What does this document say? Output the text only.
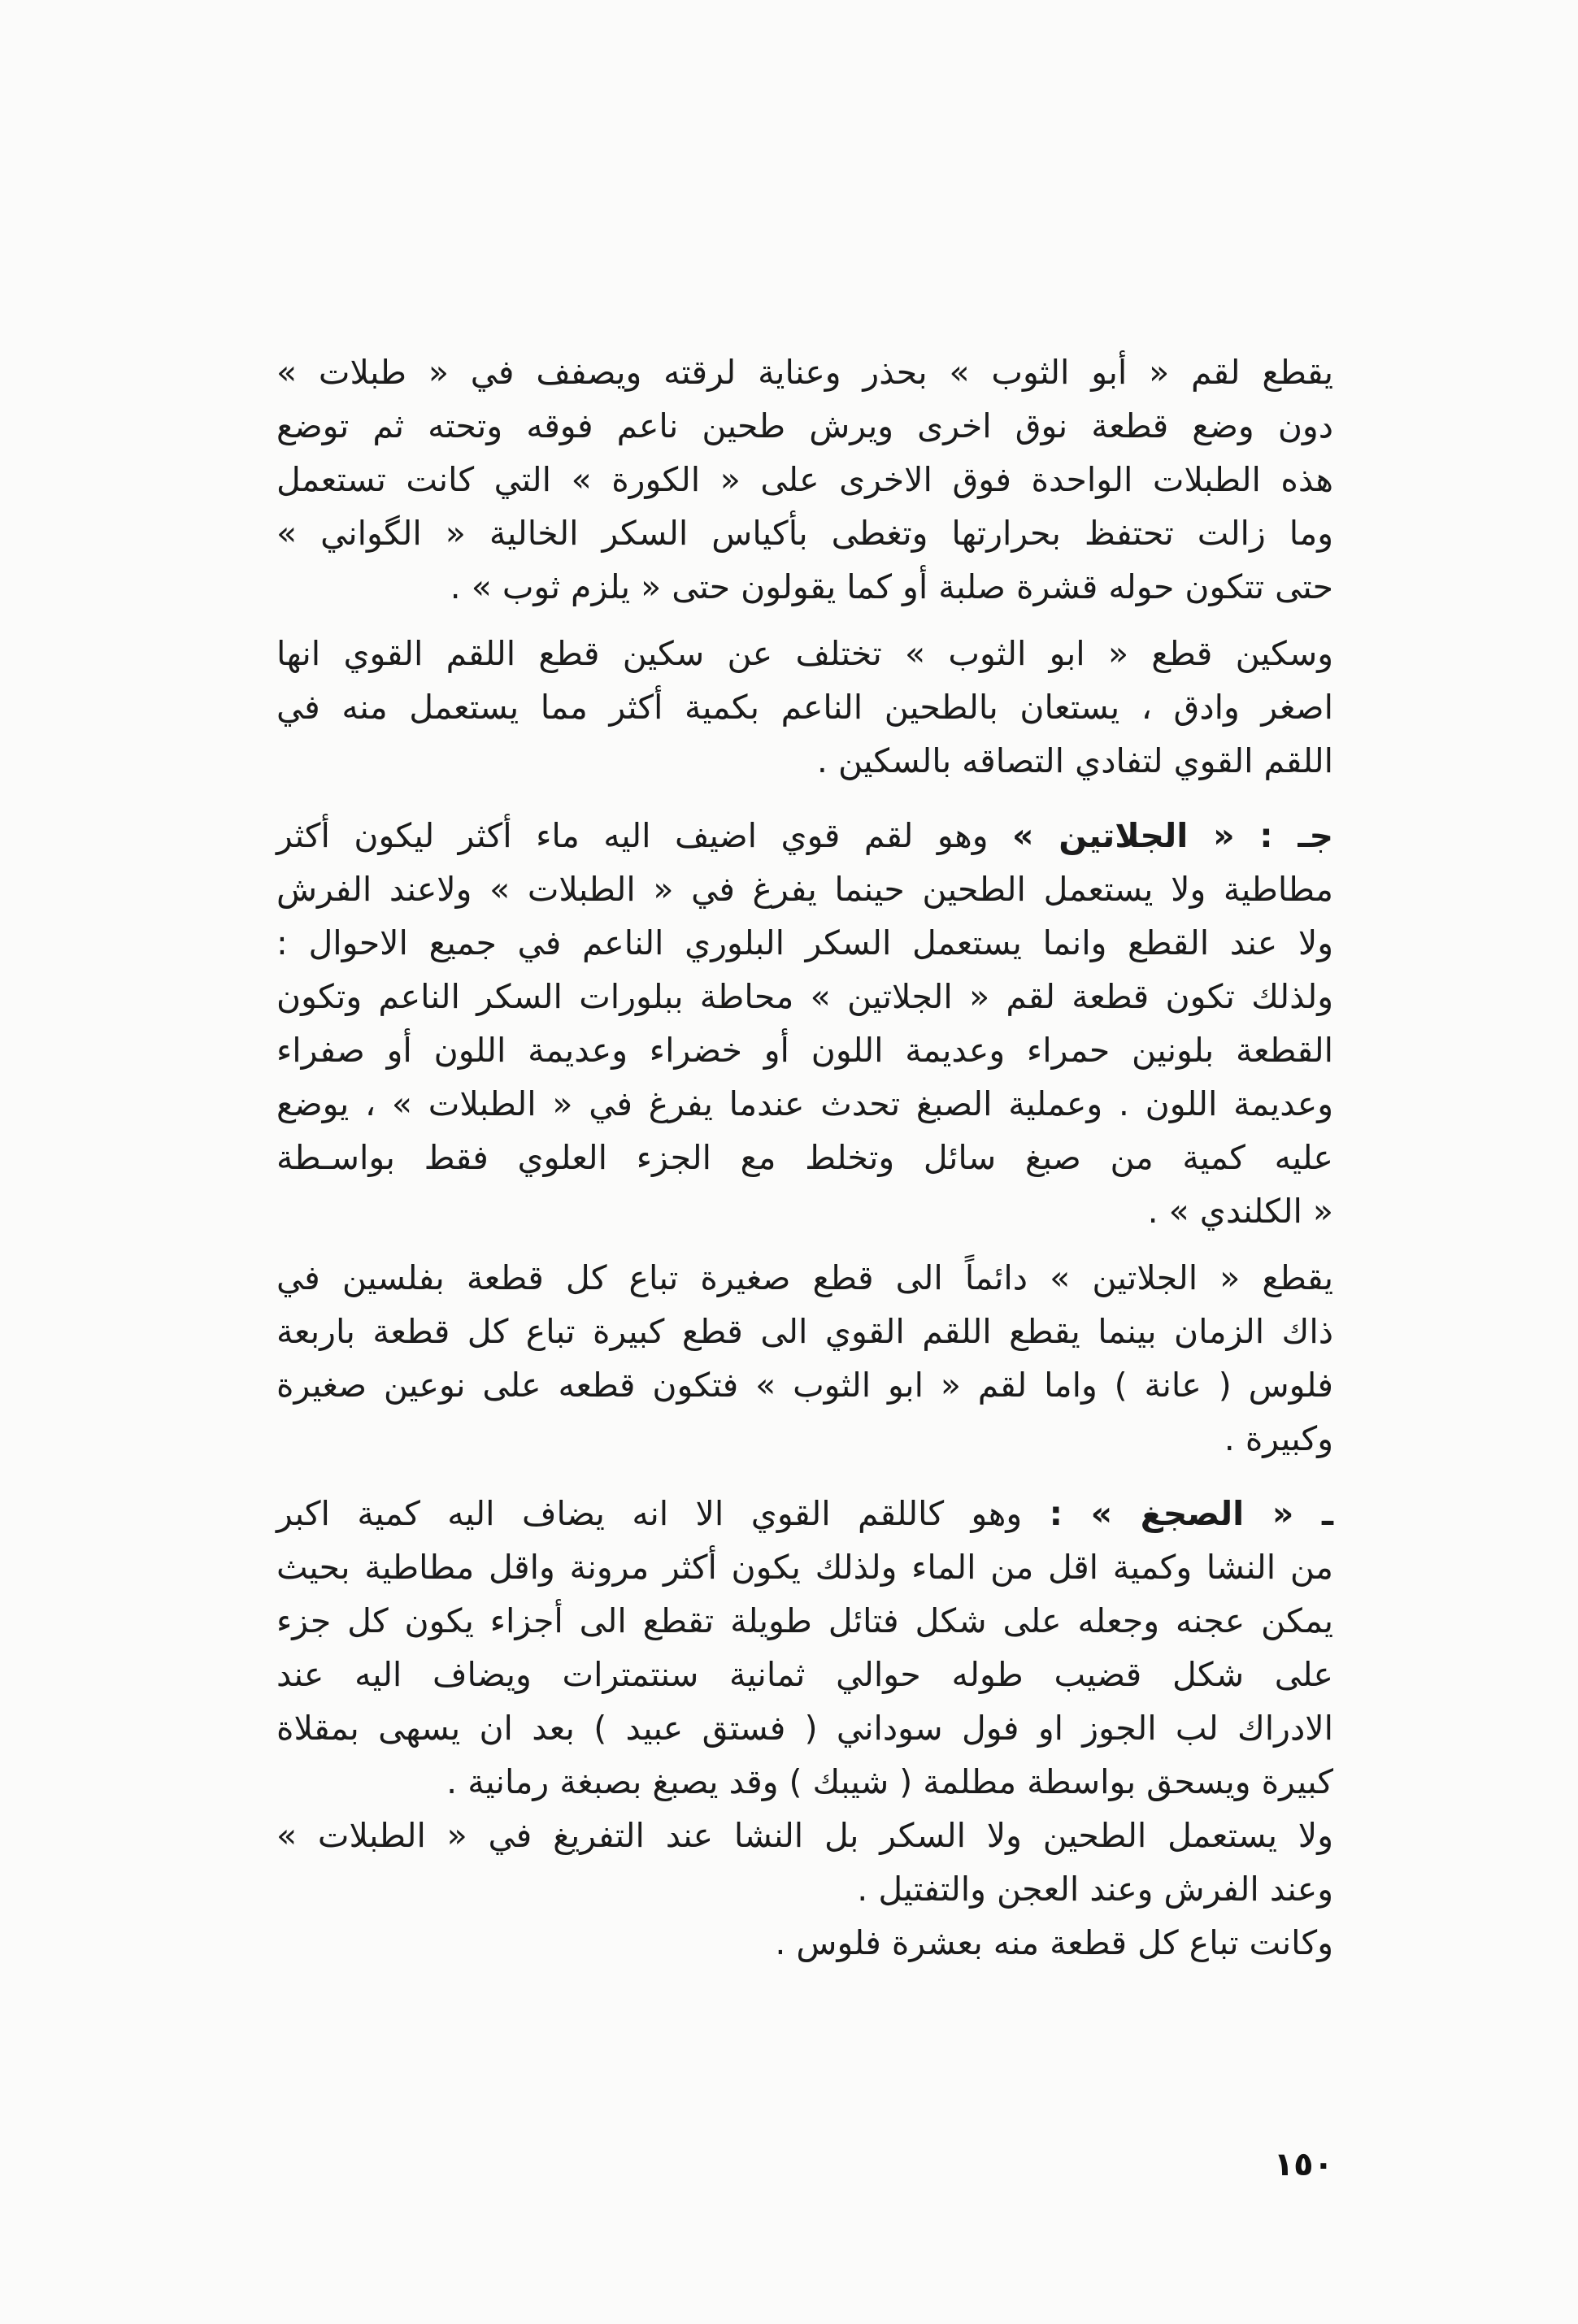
يقطع لقم « أبو الثوب » بحذر وعناية لرقته ويصفف في « طبلات »
دون وضع قطعة نوق اخرى ويرش طحين ناعم فوقه وتحته ثم توضع
هذه الطبلات الواحدة فوق الاخرى على « الكورة » التي كانت تستعمل
وما زالت تحتفظ بحرارتها وتغطى بأكياس السكر الخالية « الگواني »
حتى تتكون حوله قشرة صلبة أو كما يقولون حتى « يلزم ثوب » .

وسكين قطع « ابو الثوب » تختلف عن سكين قطع اللقم القوي انها
اصغر وادق ، يستعان بالطحين الناعم بكمية أكثر مما يستعمل منه في
اللقم القوي لتفادي التصاقه بالسكين .

جـ : « الجلاتين » وهو لقم قوي اضيف اليه ماء أكثر ليكون أكثر
مطاطية ولا يستعمل الطحين حينما يفرغ في « الطبلات » ولاعند الفرش
ولا عند القطع وانما يستعمل السكر البلوري الناعم في جميع الاحوال :
ولذلك تكون قطعة لقم « الجلاتين » محاطة ببلورات السكر الناعم وتكون
القطعة بلونين حمراء وعديمة اللون أو خضراء وعديمة اللون أو صفراء
وعديمة اللون . وعملية الصبغ تحدث عندما يفرغ في « الطبلات » ، يوضع
عليه كمية من صبغ سائل وتخلط مع الجزء العلوي فقط بواسـطة
« الكلندي » .

يقطع « الجلاتين » دائماً الى قطع صغيرة تباع كل قطعة بفلسين في
ذاك الزمان بينما يقطع اللقم القوي الى قطع كبيرة تباع كل قطعة باربعة
فلوس ( عانة ) واما لقم « ابو الثوب » فتكون قطعه على نوعين صغيرة
وكبيرة .

ـ « الصجغ » : وهو كاللقم القوي الا انه يضاف اليه كمية اكبر
من النشا وكمية اقل من الماء ولذلك يكون أكثر مرونة واقل مطاطية بحيث
يمكن عجنه وجعله على شكل فتائل طويلة تقطع الى أجزاء يكون كل جزء
على شكل قضيب طوله حوالي ثمانية سنتمترات ويضاف اليه عند
الادراك لب الجوز او فول سوداني ( فستق عبيد ) بعد ان يسهى بمقلاة
كبيرة ويسحق بواسطة مطلمة ( شيبك ) وقد يصبغ بصبغة رمانية .

ولا يستعمل الطحين ولا السكر بل النشا عند التفريغ في « الطبلات »
وعند الفرش وعند العجن والتفتيل .

وكانت تباع كل قطعة منه بعشرة فلوس .

١٥٠
